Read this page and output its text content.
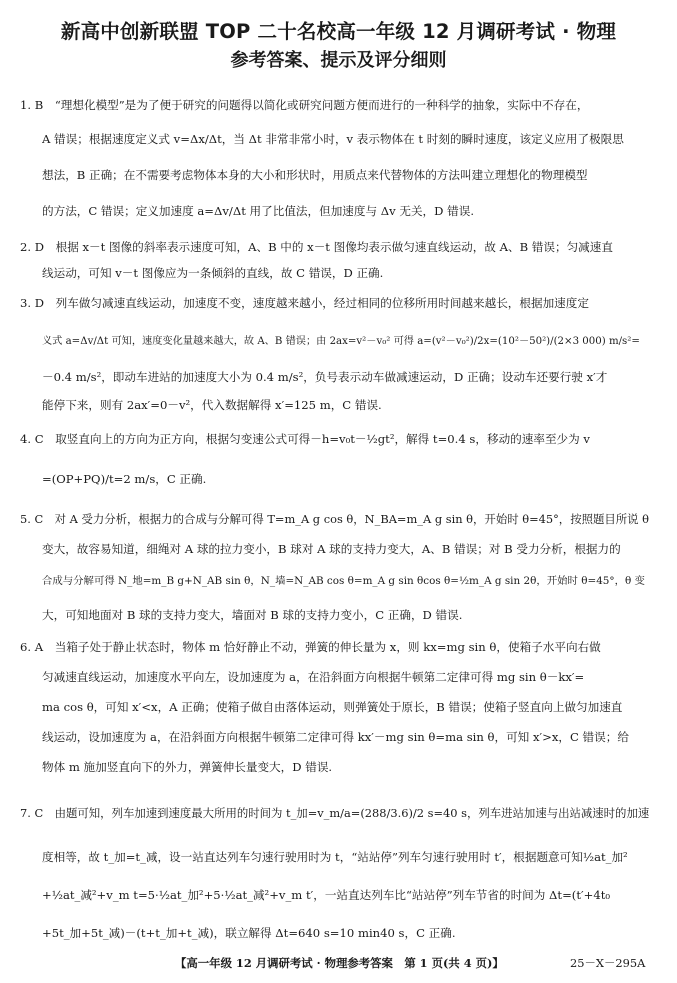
新高中创新联盟 TOP 二十名校高一年级 12 月调研考试 · 物理
参考答案、提示及评分细则
1. B　“理想化模型”是为了便于研究的问题得以简化或研究问题方便而进行的一种科学的抽象，实际中不存在，
A 错误；根据速度定义式 v=Δx/Δt，当 Δt 非常非常小时，v 表示物体在 t 时刻的瞬时速度，该定义应用了极限思
想法，B 正确；在不需要考虑物体本身的大小和形状时，用质点来代替物体的方法叫建立理想化的物理模型
的方法，C 错误；定义加速度 a=Δv/Δt 用了比值法，但加速度与 Δv 无关，D 错误.
2. D　根据 x－t 图像的斜率表示速度可知，A、B 中的 x－t 图像均表示做匀速直线运动，故 A、B 错误；匀减速直
线运动，可知 v－t 图像应为一条倾斜的直线，故 C 错误，D 正确.
3. D　列车做匀减速直线运动，加速度不变，速度越来越小，经过相同的位移所用时间越来越长，根据加速度定
义式 a=Δv/Δt 可知，速度变化量越来越大，故 A、B 错误；由 2ax=v²－v₀² 可得 a=(v²－v₀²)/2x=(10²－50²)/(2×3 000) m/s²=
－0.4 m/s²，即动车进站的加速度大小为 0.4 m/s²，负号表示动车做减速运动，D 正确；设动车还要行驶 x′才
能停下来，则有 2ax′=0－v²，代入数据解得 x′=125 m，C 错误.
4. C　取竖直向上的方向为正方向，根据匀变速公式可得－h=v₀t－½gt²，解得 t=0.4 s，移动的速率至少为 v
=(OP+PQ)/t=2 m/s，C 正确.
5. C　对 A 受力分析，根据力的合成与分解可得 T=m_A g cos θ，N_BA=m_A g sin θ，开始时 θ=45°，按照题目所说 θ
变大，故容易知道，细绳对 A 球的拉力变小，B 球对 A 球的支持力变大，A、B 错误；对 B 受力分析，根据力的
合成与分解可得 N_地=m_B g+N_AB sin θ，N_墙=N_AB cos θ=m_A g sin θcos θ=½m_A g sin 2θ，开始时 θ=45°，θ 变
大，可知地面对 B 球的支持力变大，墙面对 B 球的支持力变小，C 正确，D 错误.
6. A　当箱子处于静止状态时，物体 m 恰好静止不动，弹簧的伸长量为 x，则 kx=mg sin θ，使箱子水平向右做
匀减速直线运动，加速度水平向左，设加速度为 a，在沿斜面方向根据牛顿第二定律可得 mg sin θ－kx′=
ma cos θ，可知 x′<x，A 正确；使箱子做自由落体运动，则弹簧处于原长，B 错误；使箱子竖直向上做匀加速直
线运动，设加速度为 a，在沿斜面方向根据牛顿第二定律可得 kx′－mg sin θ=ma sin θ，可知 x′>x，C 错误；给
物体 m 施加竖直向下的外力，弹簧伸长量变大，D 错误.
7. C　由题可知，列车加速到速度最大所用的时间为 t_加=v_m/a=(288/3.6)/2 s=40 s，列车进站加速与出站减速时的加速
度相等，故 t_加=t_减，设一站直达列车匀速行驶用时为 t，“站站停”列车匀速行驶用时 t′，根据题意可知½at_加²
+½at_减²+v_m t=5·½at_加²+5·½at_减²+v_m t′，一站直达列车比“站站停”列车节省的时间为 Δt=(t′+4t₀
+5t_加+5t_减)－(t+t_加+t_减)，联立解得 Δt=640 s=10 min40 s，C 正确.
【高一年级 12 月调研考试 · 物理参考答案　第 1 页(共 4 页)】	25－X－295A
